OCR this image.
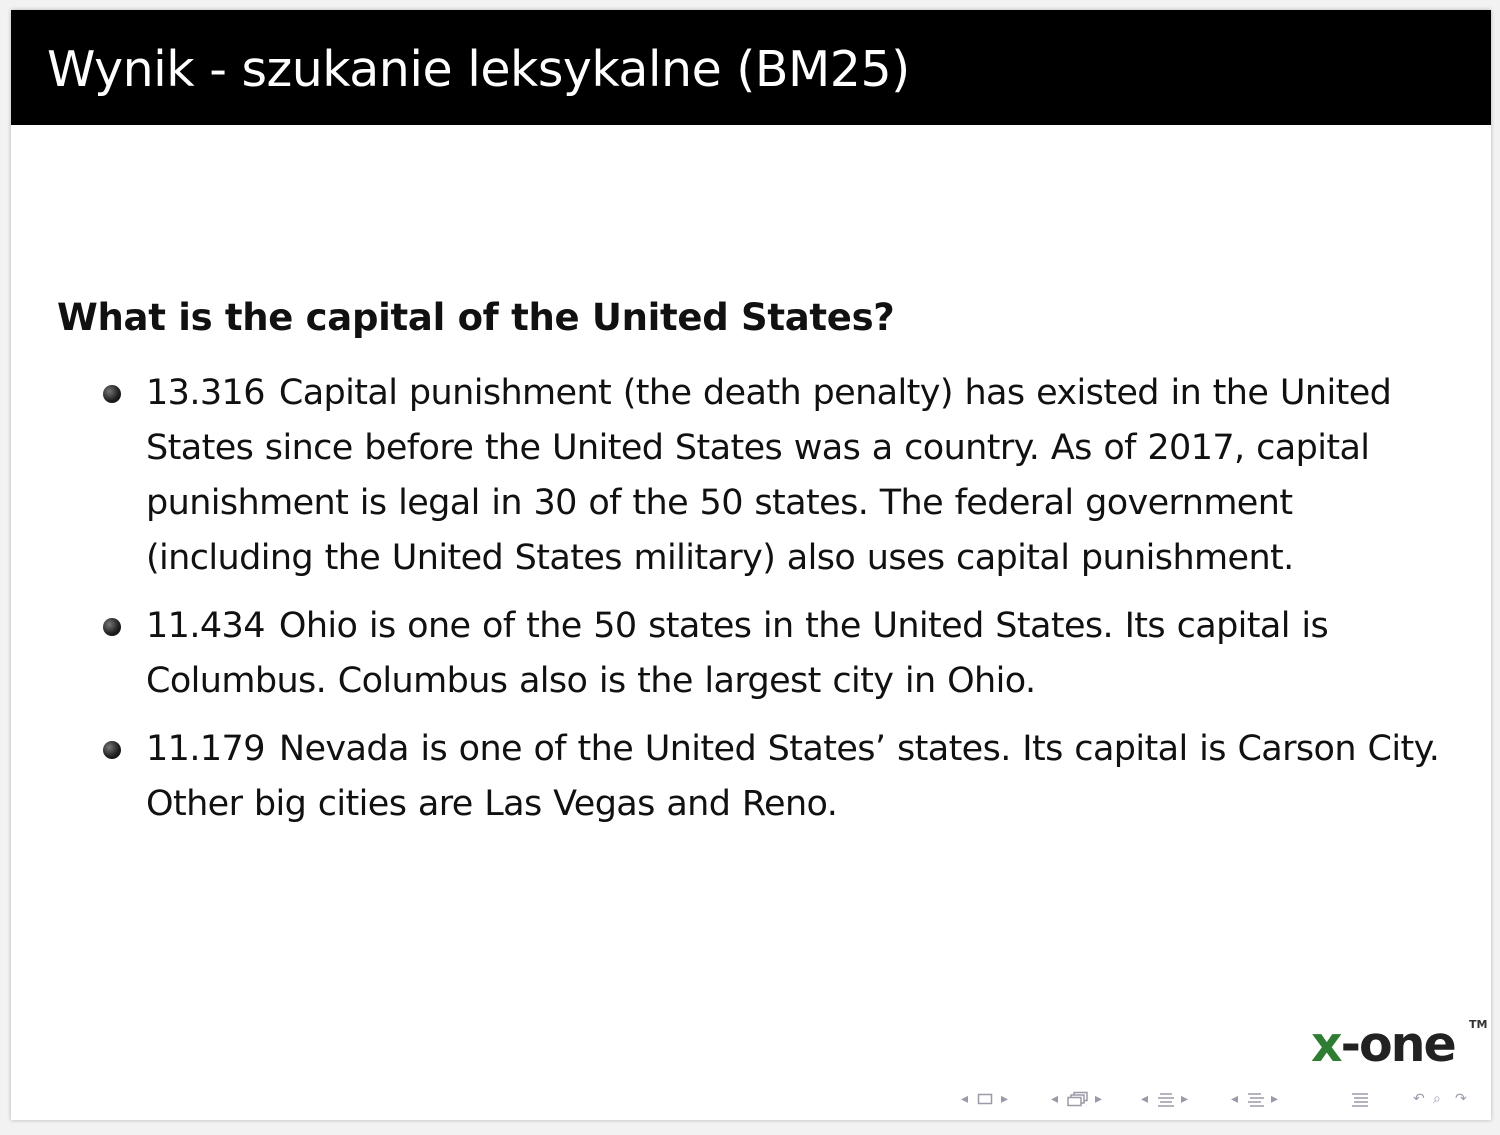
Wynik - szukanie leksykalne (BM25)
What is the capital of the United States?
13.316 Capital punishment (the death penalty) has existed in the United States since before the United States was a country. As of 2017, capital punishment is legal in 30 of the 50 states. The federal government (including the United States military) also uses capital punishment.
11.434 Ohio is one of the 50 states in the United States. Its capital is Columbus. Columbus also is the largest city in Ohio.
11.179 Nevada is one of the United States’ states. Its capital is Carson City. Other big cities are Las Vegas and Reno.
x-one TM
◂ ▸	◂	▸	◂ ▸	◂ ▸	↶ ⌕ ↷
